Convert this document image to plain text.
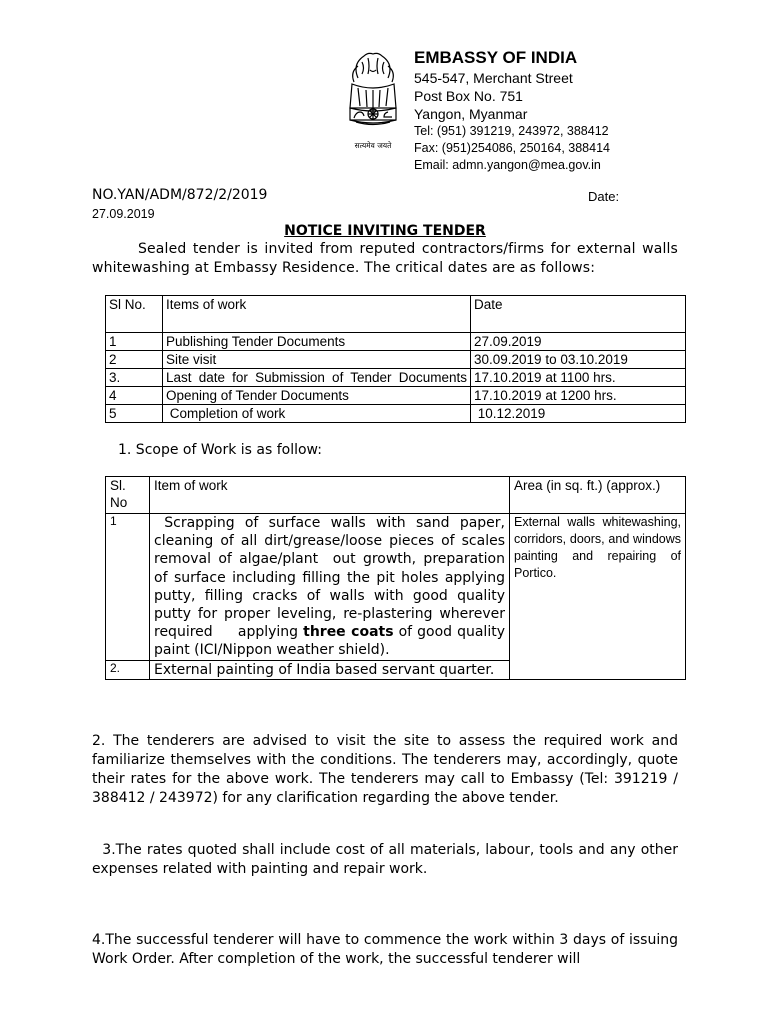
सत्यमेव जयते
EMBASSY OF INDIA
545-547, Merchant Street
Post Box No. 751
Yangon, Myanmar
Tel: (951) 391219, 243972, 388412
Fax: (951)254086, 250164, 388414
Email: admn.yangon@mea.gov.in
NO.YAN/ADM/872/2/2019	Date:
27.09.2019
NOTICE INVITING TENDER
Sealed tender is invited from reputed contractors/firms for external walls whitewashing at Embassy Residence. The critical dates are as follows:
Sl No.	Items of work	Date
1	Publishing Tender Documents	27.09.2019
2	Site visit	30.09.2019 to 03.10.2019
3.	Last date for Submission of Tender Documents	17.10.2019 at 1100 hrs.
4	Opening of Tender Documents	17.10.2019 at 1200 hrs.
5	Completion of work	10.12.2019
1. Scope of Work is as follow:
Sl. No	Item of work	Area (in sq. ft.) (approx.)
1	Scrapping of surface walls with sand paper, cleaning of all dirt/grease/loose pieces of scales removal of algae/plant  out growth, preparation of surface including filling the pit holes applying putty, filling cracks of walls with good quality putty for proper leveling, re-plastering wherever required     applying three coats of good quality paint (ICI/Nippon weather shield).	External walls whitewashing, corridors, doors, and windows painting and repairing of Portico.
2.	External painting of India based servant quarter.	
2. The tenderers are advised to visit the site to assess the required work and familiarize themselves with the conditions. The tenderers may, accordingly, quote their rates for the above work. The tenderers may call to Embassy (Tel: 391219 / 388412 / 243972) for any clarification regarding the above tender.
3.The rates quoted shall include cost of all materials, labour, tools and any other expenses related with painting and repair work.
4.The successful tenderer will have to commence the work within 3 days of issuing Work Order. After completion of the work, the successful tenderer will
